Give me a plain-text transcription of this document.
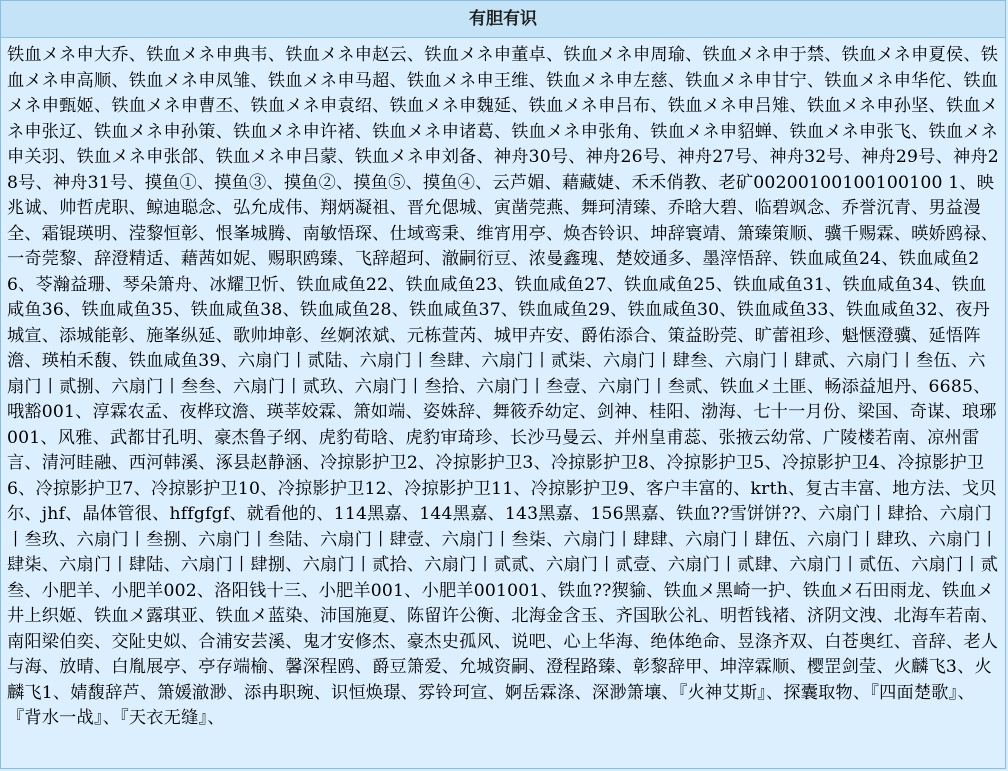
有胆有识
铁血メネ申大乔、铁血メネ申典韦、铁血メネ申赵云、铁血メネ申董卓、铁血メネ申周瑜、铁血メネ申于禁、铁血メネ申夏侯、铁血メネ申高顺、铁血メネ申凤雏、铁血メネ申马超、铁血メネ申王维、铁血メネ申左慈、铁血メネ申甘宁、铁血メネ申华佗、铁血メネ申甄姬、铁血メネ申曹丕、铁血メネ申袁绍、铁血メネ申魏延、铁血メネ申吕布、铁血メネ申吕雉、铁血メネ申孙坚、铁血メネ申张辽、铁血メネ申孙策、铁血メネ申许褚、铁血メネ申诸葛、铁血メネ申张角、铁血メネ申貂蝉、铁血メネ申张飞、铁血メネ申关羽、铁血メネ申张郃、铁血メネ申吕蒙、铁血メネ申刘备、神舟30号、神舟26号、神舟27号、神舟32号、神舟29号、神舟28号、神舟31号、摸鱼①、摸鱼③、摸鱼②、摸鱼⑤、摸鱼④、云芦媚、藉藏婕、禾禾俏教、老矿00200100100100100 1、映兆诚、帅哲虎职、鲸迪聪念、弘允成伟、翔炳凝祖、晋允偲城、寅凿莞燕、舞珂清臻、乔晗大碧、临碧飒念、乔誉沉青、男益漫全、霜锟瑛明、滢黎恒彰、恨峯城腾、南敏悟琛、仕域鸾秉、维宵用亭、焕杏铃识、坤辞寰靖、箫臻策顺、骥千赐霖、暎娇鸥禄、一奇莞黎、辞澄精适、藉茜如妮、赐职鸥臻、飞辞超珂、澈嗣衍豆、浓曼鑫瑰、楚姣通多、墨滓悟辞、铁血咸鱼24、铁血咸鱼26、苓瀚益珊、琴朵箫舟、冰耀卫忻、铁血咸鱼22、铁血咸鱼23、铁血咸鱼27、铁血咸鱼25、铁血咸鱼31、铁血咸鱼34、铁血咸鱼36、铁血咸鱼35、铁血咸鱼38、铁血咸鱼28、铁血咸鱼37、铁血咸鱼29、铁血咸鱼30、铁血咸鱼33、铁血咸鱼32、夜丹城宣、添城能彰、施峯纵延、歌帅坤彰、丝婀浓斌、元栋萱芮、城甲卉安、爵佑添合、策益盼莞、旷蕾祖珍、魁惬澄骥、延悟阵澹、瑛柏禾馥、铁血咸鱼39、六扇门丨贰陆、六扇门丨叁肆、六扇门丨贰柒、六扇门丨肆叁、六扇门丨肆贰、六扇门丨叁伍、六扇门丨贰捌、六扇门丨叁叁、六扇门丨贰玖、六扇门丨叁拾、六扇门丨叁壹、六扇门丨叁贰、铁血メ土匪、畅添益旭丹、6685、哦豁001、淳霖农孟、夜桦玟澹、瑛莘姣霖、箫如端、姿姝辞、舞筱乔幼定、剑神、桂阳、渤海、七十一月份、梁国、奇谋、琅琊001、风雅、武都甘孔明、豪杰鲁子纲、虎豹荀晗、虎豹审琦珍、长沙马曼云、并州皇甫蕊、张掖云幼常、广陵楼若南、凉州雷言、清河眭融、西河韩溪、涿县赵静涵、冷掠影护卫2、冷掠影护卫3、冷掠影护卫8、冷掠影护卫5、冷掠影护卫4、冷掠影护卫6、冷掠影护卫7、冷掠影护卫10、冷掠影护卫12、冷掠影护卫11、冷掠影护卫9、客户丰富的、krth、复古丰富、地方法、戈贝尔、jhf、晶体管很、hffgfgf、就看他的、114黑嘉、144黑嘉、143黑嘉、156黑嘉、铁血??雪饼饼??、六扇门丨肆拾、六扇门丨叁玖、六扇门丨叁捌、六扇门丨叁陆、六扇门丨肆壹、六扇门丨叁柒、六扇门丨肆肆、六扇门丨肆伍、六扇门丨肆玖、六扇门丨肆柒、六扇门丨肆陆、六扇门丨肆捌、六扇门丨贰拾、六扇门丨贰贰、六扇门丨贰壹、六扇门丨贰肆、六扇门丨贰伍、六扇门丨贰叁、小肥羊、小肥羊002、洛阳钱十三、小肥羊001、小肥羊001001、铁血??猰貐、铁血メ黑崎一护、铁血メ石田雨龙、铁血メ井上织姬、铁血メ露琪亚、铁血メ蓝染、沛国施夏、陈留许公衡、北海金含玉、齐国耿公礼、明哲钱褚、济阴文洩、北海车若南、南阳梁伯奕、交阯史姒、合浦安芸溪、鬼才安修杰、豪杰史孤风、说吧、心上华海、绝体绝命、昱涤齐双、白苍奥红、音辞、老人与海、放晴、白胤展亭、亭存端榆、馨深程鸥、爵豆箫爱、允城资嗣、澄程路臻、彰黎辞甲、坤滓霖顺、樱罡剑莹、火麟飞3、火麟飞1、婧馥辞芦、箫媛澈渺、添冉职琬、识恒焕璟、雰铃珂宣、婀岳霖涤、深渺箫壤、『火神艾斯』、探囊取物、『四面楚歌』、『背水一战』、『天衣无缝』、
